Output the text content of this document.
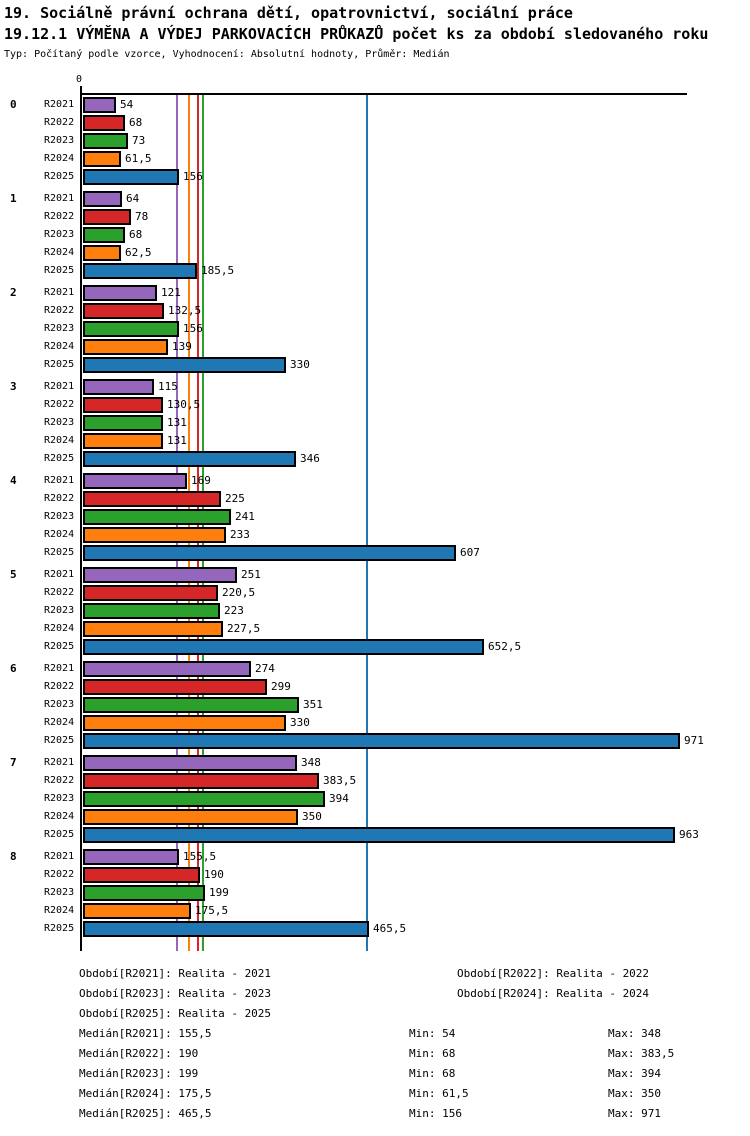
19. Sociálně právní ochrana dětí, opatrovnictví, sociální práce
19.12.1 VÝMĚNA A VÝDEJ PARKOVACÍCH PRŮKAZŮ počet ks za období sledovaného roku
Typ: Počítaný podle vzorce, Vyhodnocení: Absolutní hodnoty, Průměr: Medián
0
0	R2021	54
R2022	68
R2023	73
R2024	61,5
R2025	156
1	R2021	64
R2022	78
R2023	68
R2024	62,5
R2025	185,5
2	R2021	121
R2022	132,5
R2023	156
R2024	139
R2025	330
3	R2021	115
R2022	130,5
R2023	131
R2024	131
R2025	346
4	R2021	169
R2022	225
R2023	241
R2024	233
R2025	607
5	R2021	251
R2022	220,5
R2023	223
R2024	227,5
R2025	652,5
6	R2021	274
R2022	299
R2023	351
R2024	330
R2025	971
7	R2021	348
R2022	383,5
R2023	394
R2024	350
R2025	963
8	R2021	155,5
R2022	190
R2023	199
R2024	175,5
R2025	465,5
Období[R2021]: Realita - 2021	Období[R2022]: Realita - 2022
Období[R2023]: Realita - 2023	Období[R2024]: Realita - 2024
Období[R2025]: Realita - 2025
Medián[R2021]: 155,5	Min: 54	Max: 348
Medián[R2022]: 190	Min: 68	Max: 383,5
Medián[R2023]: 199	Min: 68	Max: 394
Medián[R2024]: 175,5	Min: 61,5	Max: 350
Medián[R2025]: 465,5	Min: 156	Max: 971
